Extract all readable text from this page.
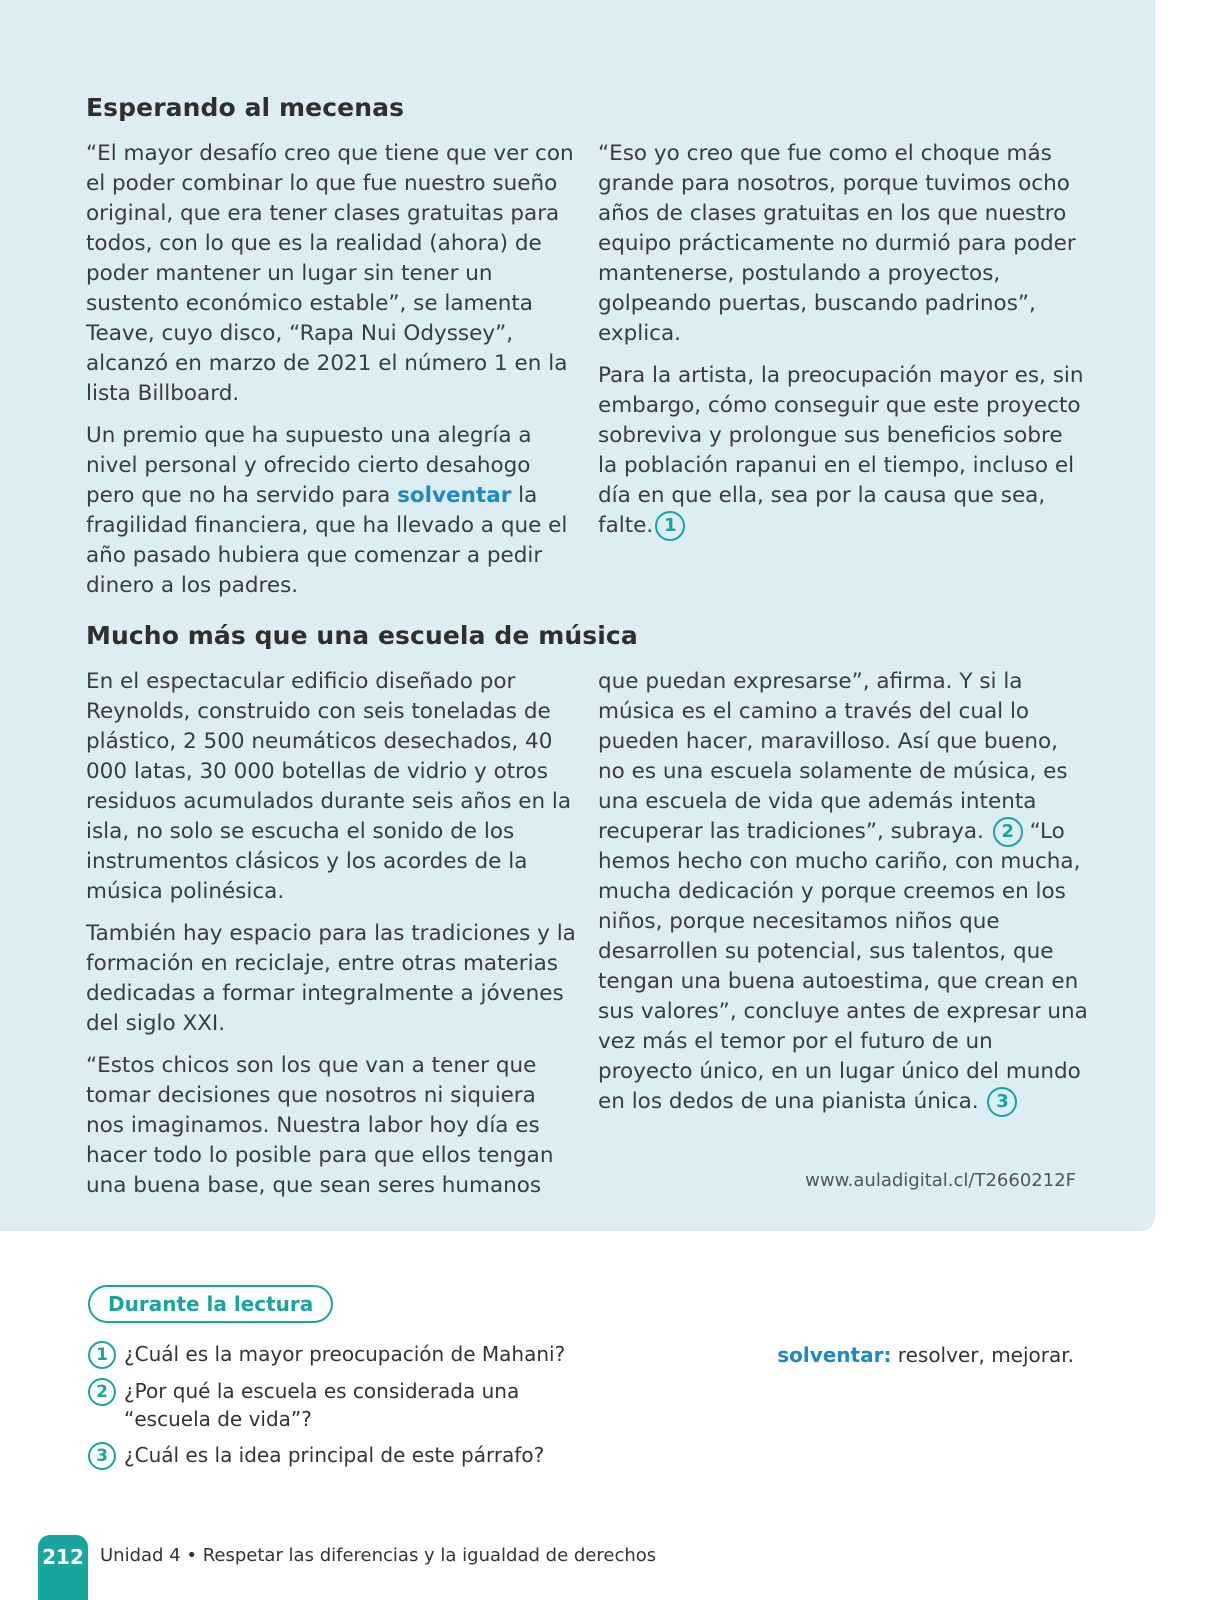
Esperando al mecenas

“El mayor desafío creo que tiene que ver con el poder combinar lo que fue nuestro sueño original, que era tener clases gratuitas para todos, con lo que es la realidad (ahora) de poder mantener un lugar sin tener un sustento económico estable”, se lamenta Teave, cuyo disco, “Rapa Nui Odyssey”, alcanzó en marzo de 2021 el número 1 en la lista Billboard.

Un premio que ha supuesto una alegría a nivel personal y ofrecido cierto desahogo pero que no ha servido para solventar la fragilidad financiera, que ha llevado a que el año pasado hubiera que comenzar a pedir dinero a los padres.

“Eso yo creo que fue como el choque más grande para nosotros, porque tuvimos ocho años de clases gratuitas en los que nuestro equipo prácticamente no durmió para poder mantenerse, postulando a proyectos, golpeando puertas, buscando padrinos”, explica.

Para la artista, la preocupación mayor es, sin embargo, cómo conseguir que este proyecto sobreviva y prolongue sus beneficios sobre la población rapanui en el tiempo, incluso el día en que ella, sea por la causa que sea, falte. 1

Mucho más que una escuela de música

En el espectacular edificio diseñado por Reynolds, construido con seis toneladas de plástico, 2 500 neumáticos desechados, 40 000 latas, 30 000 botellas de vidrio y otros residuos acumulados durante seis años en la isla, no solo se escucha el sonido de los instrumentos clásicos y los acordes de la música polinésica.

También hay espacio para las tradiciones y la formación en reciclaje, entre otras materias dedicadas a formar integralmente a jóvenes del siglo XXI.

“Estos chicos son los que van a tener que tomar decisiones que nosotros ni siquiera nos imaginamos. Nuestra labor hoy día es hacer todo lo posible para que ellos tengan una buena base, que sean seres humanos

que puedan expresarse”, afirma. Y si la música es el camino a través del cual lo pueden hacer, maravilloso. Así que bueno, no es una escuela solamente de música, es una escuela de vida que además intenta recuperar las tradiciones”, subraya. 2 “Lo hemos hecho con mucho cariño, con mucha, mucha dedicación y porque creemos en los niños, porque necesitamos niños que desarrollen su potencial, sus talentos, que tengan una buena autoestima, que crean en sus valores”, concluye antes de expresar una vez más el temor por el futuro de un proyecto único, en un lugar único del mundo en los dedos de una pianista única. 3

www.auladigital.cl/T2660212F
Durante la lectura
1 ¿Cuál es la mayor preocupación de Mahani?
2 ¿Por qué la escuela es considerada una “escuela de vida”?
3 ¿Cuál es la idea principal de este párrafo?
solventar: resolver, mejorar.
212 Unidad 4 • Respetar las diferencias y la igualdad de derechos
